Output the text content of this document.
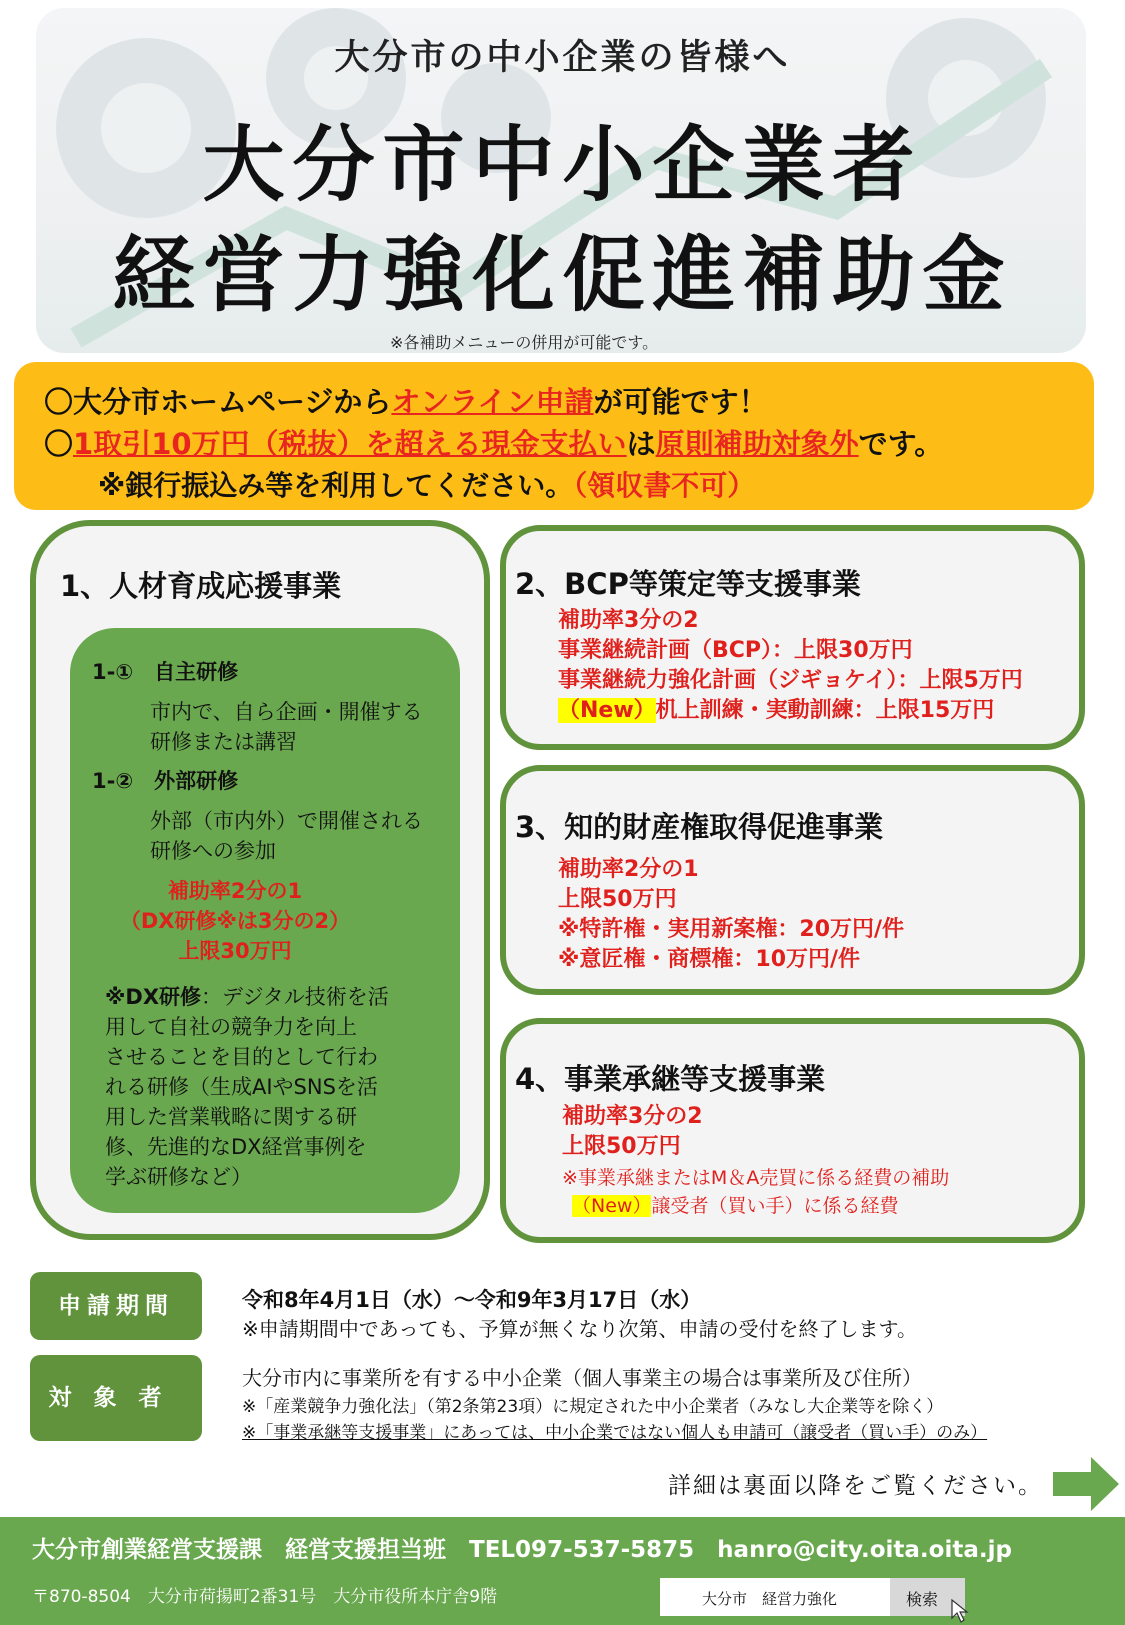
大分市の中小企業の皆様へ
大分市中小企業者
経営力強化促進補助金
※各補助メニューの併用が可能です。
〇大分市ホームページからオンライン申請が可能です！
〇1取引10万円（税抜）を超える現金支払いは原則補助対象外です。
※銀行振込み等を利用してください。（領収書不可）
1、人材育成応援事業
1-①　自主研修
市内で、自ら企画・開催する
研修または講習
1-②　外部研修
外部（市内外）で開催される
研修への参加
補助率2分の1
（DX研修※は3分の2）
上限30万円
※DX研修：デジタル技術を活
用して自社の競争力を向上
させることを目的として行わ
れる研修（生成AIやSNSを活
用した営業戦略に関する研
修、先進的なDX経営事例を
学ぶ研修など）
2、BCP等策定等支援事業
補助率3分の2
事業継続計画（BCP）：上限30万円
事業継続力強化計画（ジギョケイ）：上限5万円
（New）机上訓練・実動訓練：上限15万円
3、知的財産権取得促進事業
補助率2分の1
上限50万円
※特許権・実用新案権：20万円/件
※意匠権・商標権：10万円/件
4、事業承継等支援事業
補助率3分の2
上限50万円
※事業承継またはM＆A売買に係る経費の補助
（New）譲受者（買い手）に係る経費
申請期間	令和8年4月1日（水）～令和9年3月17日（水）
※申請期間中であっても、予算が無くなり次第、申請の受付を終了します。
対象者
大分市内に事業所を有する中小企業（個人事業主の場合は事業所及び住所）
※「産業競争力強化法」（第2条第23項）に規定された中小企業者（みなし大企業等を除く）
※「事業承継等支援事業」にあっては、中小企業ではない個人も申請可（譲受者（買い手）のみ）
詳細は裏面以降をご覧ください。
大分市創業経営支援課　経営支援担当班　TEL097-537-5875　hanro@city.oita.oita.jp
〒870-8504　大分市荷揚町2番31号　大分市役所本庁舎9階	大分市　経営力強化	検索
